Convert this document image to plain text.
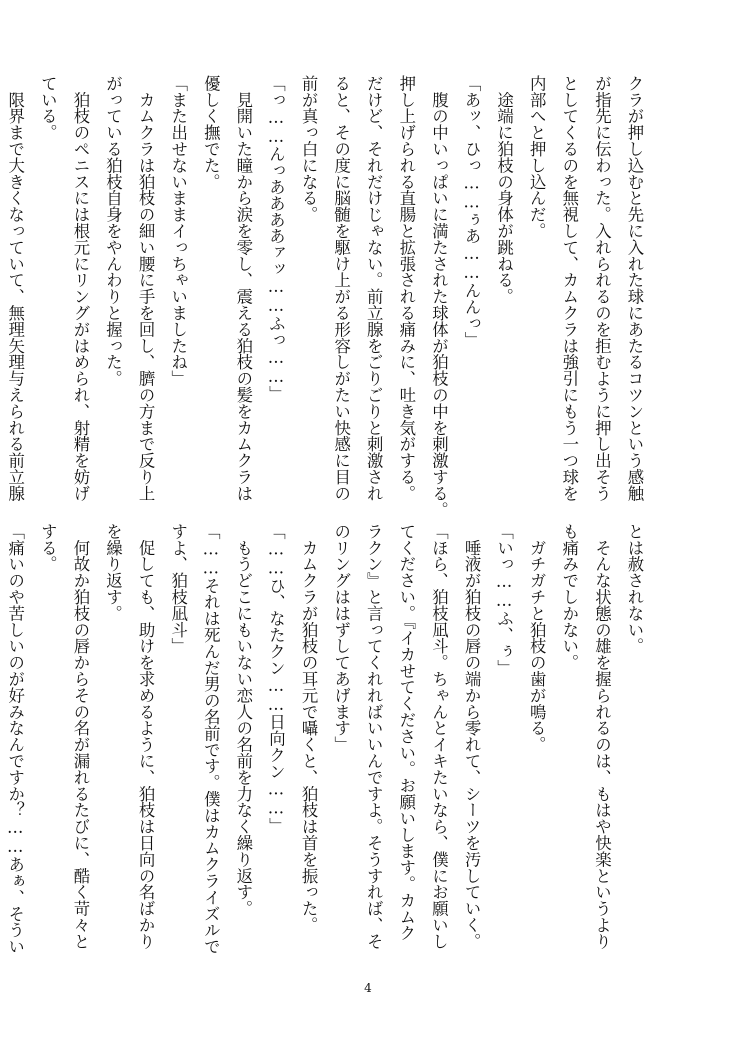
クラが押し込むと先に入れた球にあたるコツンという感触
が指先に伝わった。入れられるのを拒むように押し出そう
としてくるのを無視して、カムクラは強引にもう一つ球を
内部へと押し込んだ。
　途端に狛枝の身体が跳ねる。
「あッ、ひっ……ぅあ……んんっ」
　腹の中いっぱいに満たされた球体が狛枝の中を刺激する。
押し上げられる直腸と拡張される痛みに、吐き気がする。
だけど、それだけじゃない。前立腺をごりごりと刺激され
ると、その度に脳髄を駆け上がる形容しがたい快感に目の
前が真っ白になる。
「っ……んっああああァッ……ふっ……」
　見開いた瞳から涙を零し、震える狛枝の髪をカムクラは
優しく撫でた。
「また出せないままイっちゃいましたね」
　カムクラは狛枝の細い腰に手を回し、臍の方まで反り上
がっている狛枝自身をやんわりと握った。
　狛枝のペニスには根元にリングがはめられ、射精を妨げ
ている。
　限界まで大きくなっていて、無理矢理与えられる前立腺
とは赦されない。
　そんな状態の雄を握られるのは、もはや快楽というより
も痛みでしかない。
　ガチガチと狛枝の歯が鳴る。
「いっ……ふ、ぅ」
　唾液が狛枝の唇の端から零れて、シーツを汚していく。
「ほら、狛枝凪斗。ちゃんとイキたいなら、僕にお願いし
てください。『イカせてください。お願いします。カムク
ラクン』と言ってくれればいいんですよ。そうすれば、そ
のリングははずしてあげます」
　カムクラが狛枝の耳元で囁くと、狛枝は首を振った。
「……ひ、なたクン……日向クン……」
　もうどこにもいない恋人の名前を力なく繰り返す。
「……それは死んだ男の名前です。僕はカムクライズルで
すよ、狛枝凪斗」
　促しても、助けを求めるように、狛枝は日向の名ばかり
を繰り返す。
　何故か狛枝の唇からその名が漏れるたびに、酷く苛々と
する。
「痛いのや苦しいのが好みなんですか？……あぁ、そうい
4
